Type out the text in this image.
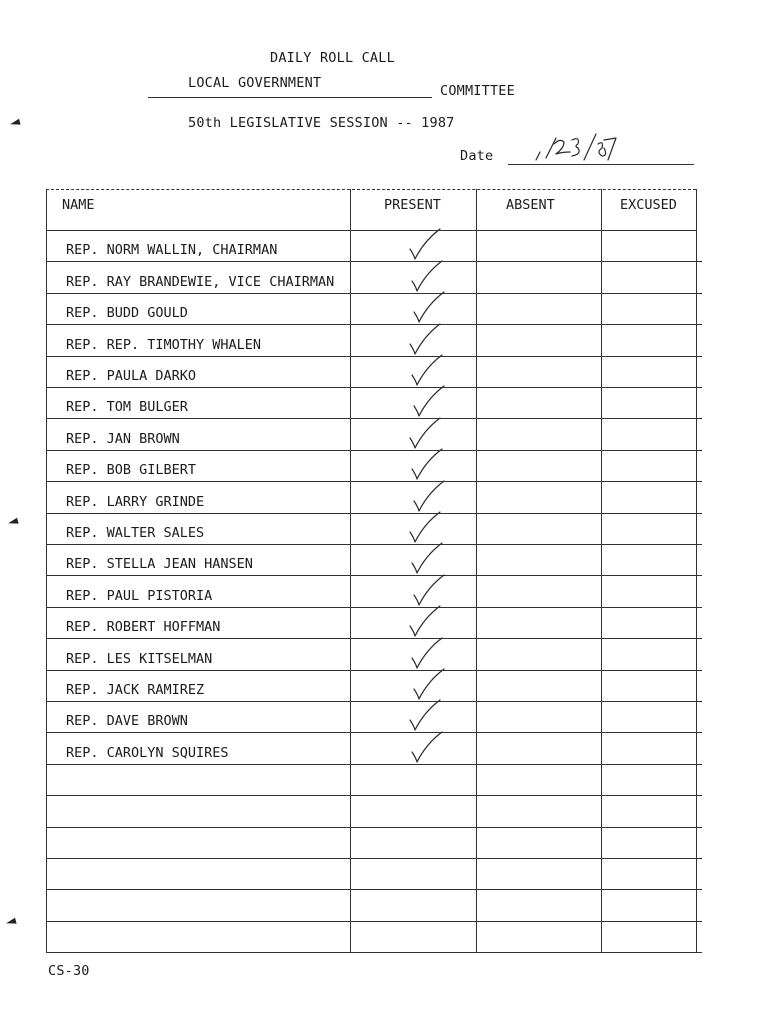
DAILY ROLL CALL
LOCAL GOVERNMENT	COMMITTEE
50th LEGISLATIVE SESSION -- 1987
Date
NAME	PRESENT	ABSENT	EXCUSED
REP. NORM WALLIN, CHAIRMAN
REP. RAY BRANDEWIE, VICE CHAIRMAN
REP. BUDD GOULD
REP. REP. TIMOTHY WHALEN
REP. PAULA DARKO
REP. TOM BULGER
REP. JAN BROWN
REP. BOB GILBERT
REP. LARRY GRINDE
REP. WALTER SALES
REP. STELLA JEAN HANSEN
REP. PAUL PISTORIA
REP. ROBERT HOFFMAN
REP. LES KITSELMAN
REP. JACK RAMIREZ
REP. DAVE BROWN
REP. CAROLYN SQUIRES
CS-30
